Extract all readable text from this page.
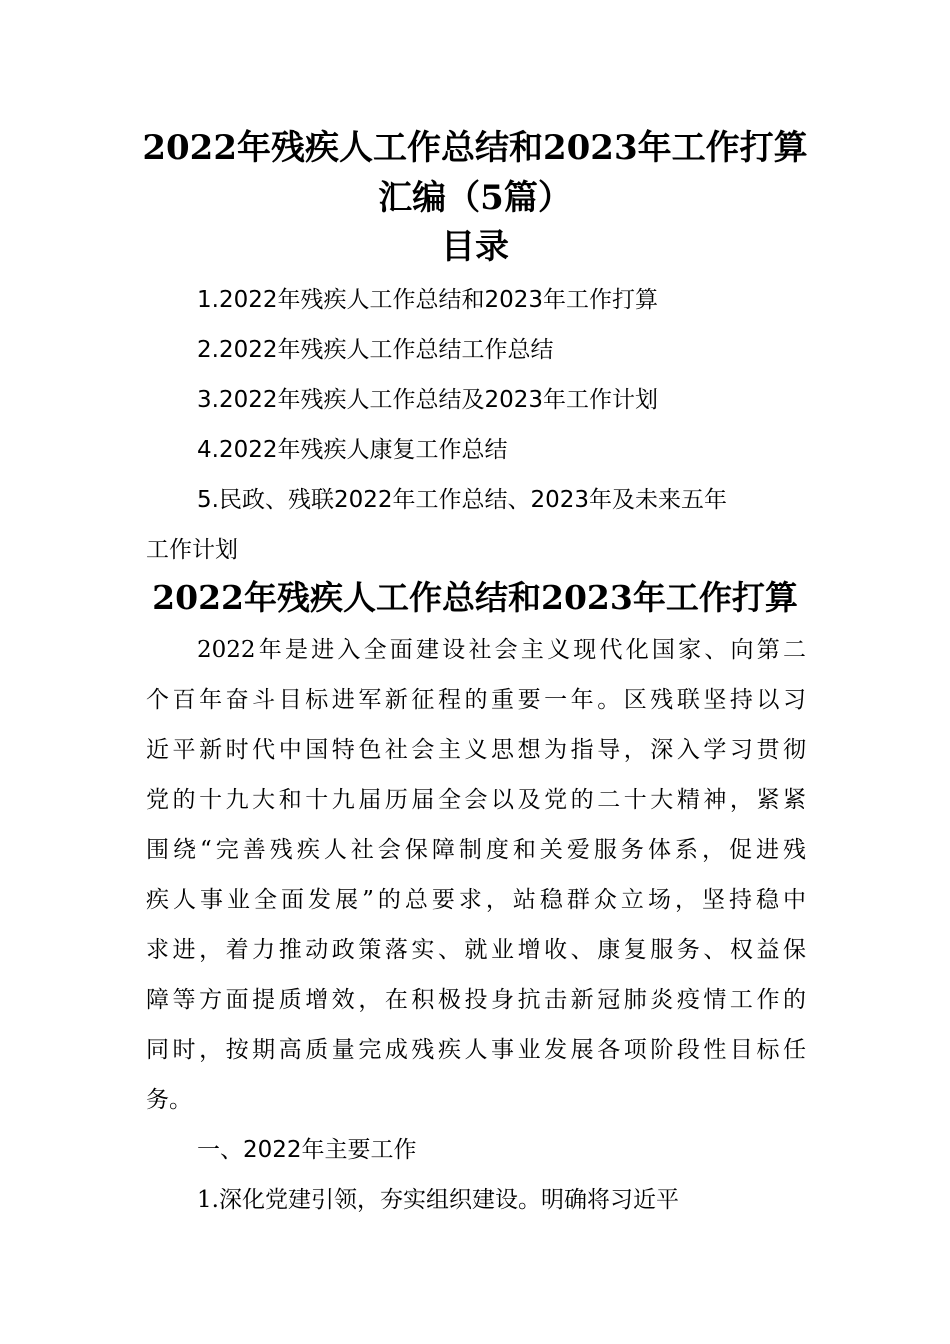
2022年残疾人工作总结和2023年工作打算
汇编（5篇）
目录
1.2022年残疾人工作总结和2023年工作打算
2.2022年残疾人工作总结工作总结
3.2022年残疾人工作总结及2023年工作计划
4.2022年残疾人康复工作总结
5.民政、残联2022年工作总结、2023年及未来五年
工作计划
2022年残疾人工作总结和2023年工作打算
2022年是进入全面建设社会主义现代化国家、向第二
个百年奋斗目标进军新征程的重要一年。区残联坚持以习
近平新时代中国特色社会主义思想为指导，深入学习贯彻
党的十九大和十九届历届全会以及党的二十大精神，紧紧
围绕“完善残疾人社会保障制度和关爱服务体系，促进残
疾人事业全面发展”的总要求，站稳群众立场，坚持稳中
求进，着力推动政策落实、就业增收、康复服务、权益保
障等方面提质增效，在积极投身抗击新冠肺炎疫情工作的
同时，按期高质量完成残疾人事业发展各项阶段性目标任
务。
一、2022年主要工作
1.深化党建引领，夯实组织建设。明确将习近平
